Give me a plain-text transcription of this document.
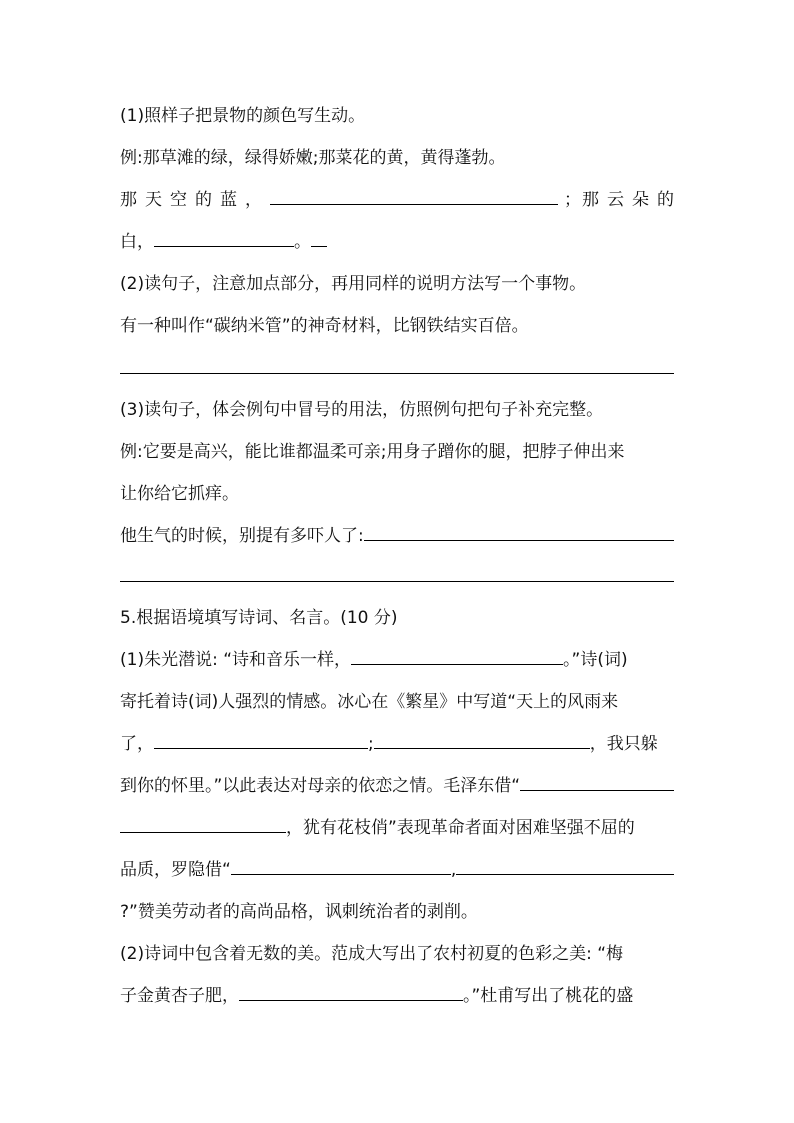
(1)照样子把景物的颜色写生动。
例:那草滩的绿，绿得娇嫩;那菜花的黄，黄得蓬勃。
那 天 空 的 蓝 ，	； 那 云 朵 的
白，	。
(2)读句子，注意加点部分，再用同样的说明方法写一个事物。
有一种叫作“碳纳米管”的神奇材料，比钢铁结实百倍。
(3)读句子，体会例句中冒号的用法，仿照例句把句子补充完整。
例:它要是高兴，能比谁都温柔可亲;用身子蹭你的腿，把脖子伸出来
让你给它抓痒。
他生气的时候，别提有多吓人了:
5.根据语境填写诗词、名言。(10 分)
(1)朱光潜说: “诗和音乐一样，	。”诗(词)
寄托着诗(词)人强烈的情感。冰心在《繁星》中写道“天上的风雨来
了，	;	，我只躲
到你的怀里。”以此表达对母亲的依恋之情。毛泽东借“
，犹有花枝俏”表现革命者面对困难坚强不屈的
品质，罗隐借“	,
?”赞美劳动者的高尚品格，讽刺统治者的剥削。
(2)诗词中包含着无数的美。范成大写出了农村初夏的色彩之美: “梅
子金黄杏子肥，	。”杜甫写出了桃花的盛
